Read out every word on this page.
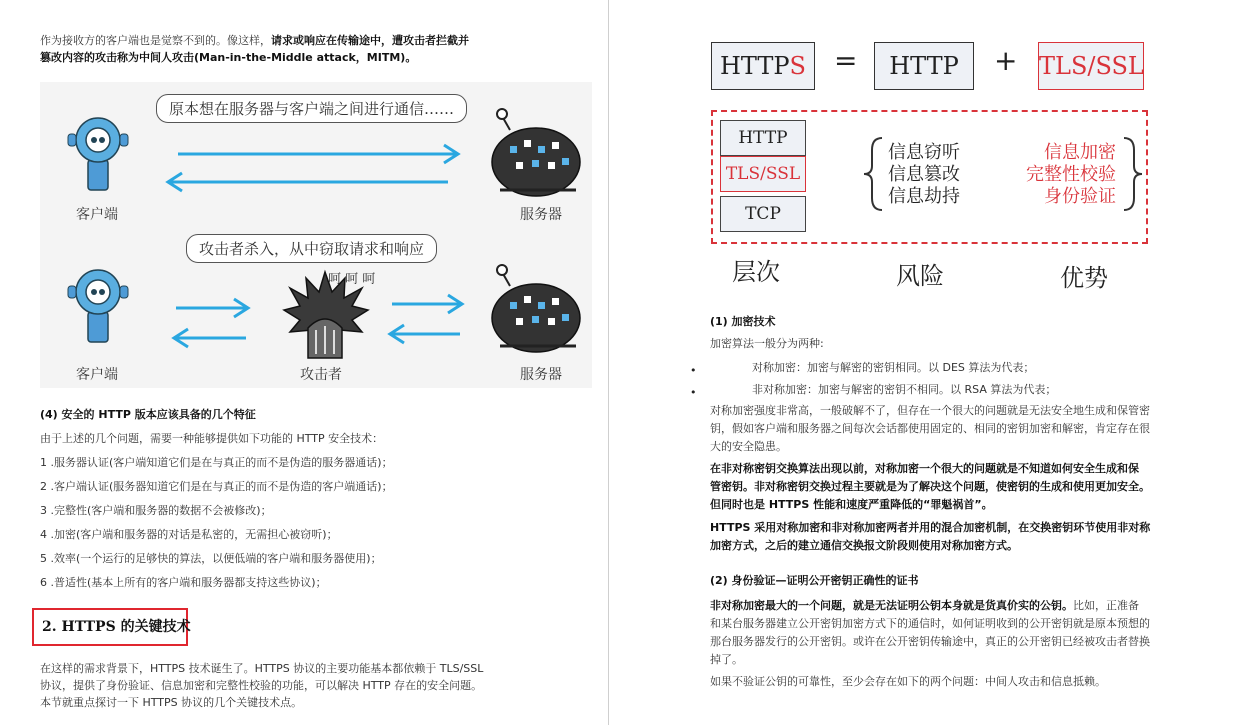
作为接收方的客户端也是觉察不到的。像这样，请求或响应在传输途中，遭攻击者拦截并
篡改内容的攻击称为中间人攻击(Man-in-the-Middle attack，MITM)。
原本想在服务器与客户端之间进行通信……
客户端	服务器
攻击者杀入，从中窃取请求和响应
呵 呵 呵
客户端	攻击者	服务器
(4) 安全的 HTTP 版本应该具备的几个特征
由于上述的几个问题，需要一种能够提供如下功能的 HTTP 安全技术：
1 .服务器认证(客户端知道它们是在与真正的而不是伪造的服务器通话)；
2 .客户端认证(服务器知道它们是在与真正的而不是伪造的客户端通话)；
3 .完整性(客户端和服务器的数据不会被修改)；
4 .加密(客户端和服务器的对话是私密的，无需担心被窃听)；
5 .效率(一个运行的足够快的算法，以便低端的客户端和服务器使用)；
6 .普适性(基本上所有的客户端和服务器都支持这些协议)；
2. HTTPS 的关键技术
在这样的需求背景下，HTTPS 技术诞生了。HTTPS 协议的主要功能基本都依赖于 TLS/SSL
协议，提供了身份验证、信息加密和完整性校验的功能，可以解决 HTTP 存在的安全问题。
本节就重点探讨一下 HTTPS 协议的几个关键技术点。
HTTPS	=	HTTP	+ TLS/SSL
HTTP
TLS/SSL
TCP
信息窃听
信息篡改
信息劫持
信息加密
完整性校验
身份验证
层次	风险	优势
(1) 加密技术
加密算法一般分为两种:
•	对称加密：加密与解密的密钥相同。以 DES 算法为代表；
•	非对称加密：加密与解密的密钥不相同。以 RSA 算法为代表；
对称加密强度非常高，一般破解不了，但存在一个很大的问题就是无法安全地生成和保管密
钥，假如客户端和服务器之间每次会话都使用固定的、相同的密钥加密和解密，肯定存在很
大的安全隐患。
在非对称密钥交换算法出现以前，对称加密一个很大的问题就是不知道如何安全生成和保
管密钥。非对称密钥交换过程主要就是为了解决这个问题，使密钥的生成和使用更加安全。
但同时也是 HTTPS 性能和速度严重降低的“罪魁祸首”。
HTTPS 采用对称加密和非对称加密两者并用的混合加密机制，在交换密钥环节使用非对称
加密方式，之后的建立通信交换报文阶段则使用对称加密方式。
(2) 身份验证—证明公开密钥正确性的证书
非对称加密最大的一个问题，就是无法证明公钥本身就是货真价实的公钥。比如，正准备
和某台服务器建立公开密钥加密方式下的通信时，如何证明收到的公开密钥就是原本预想的
那台服务器发行的公开密钥。或许在公开密钥传输途中，真正的公开密钥已经被攻击者替换
掉了。
如果不验证公钥的可靠性，至少会存在如下的两个问题：中间人攻击和信息抵赖。
